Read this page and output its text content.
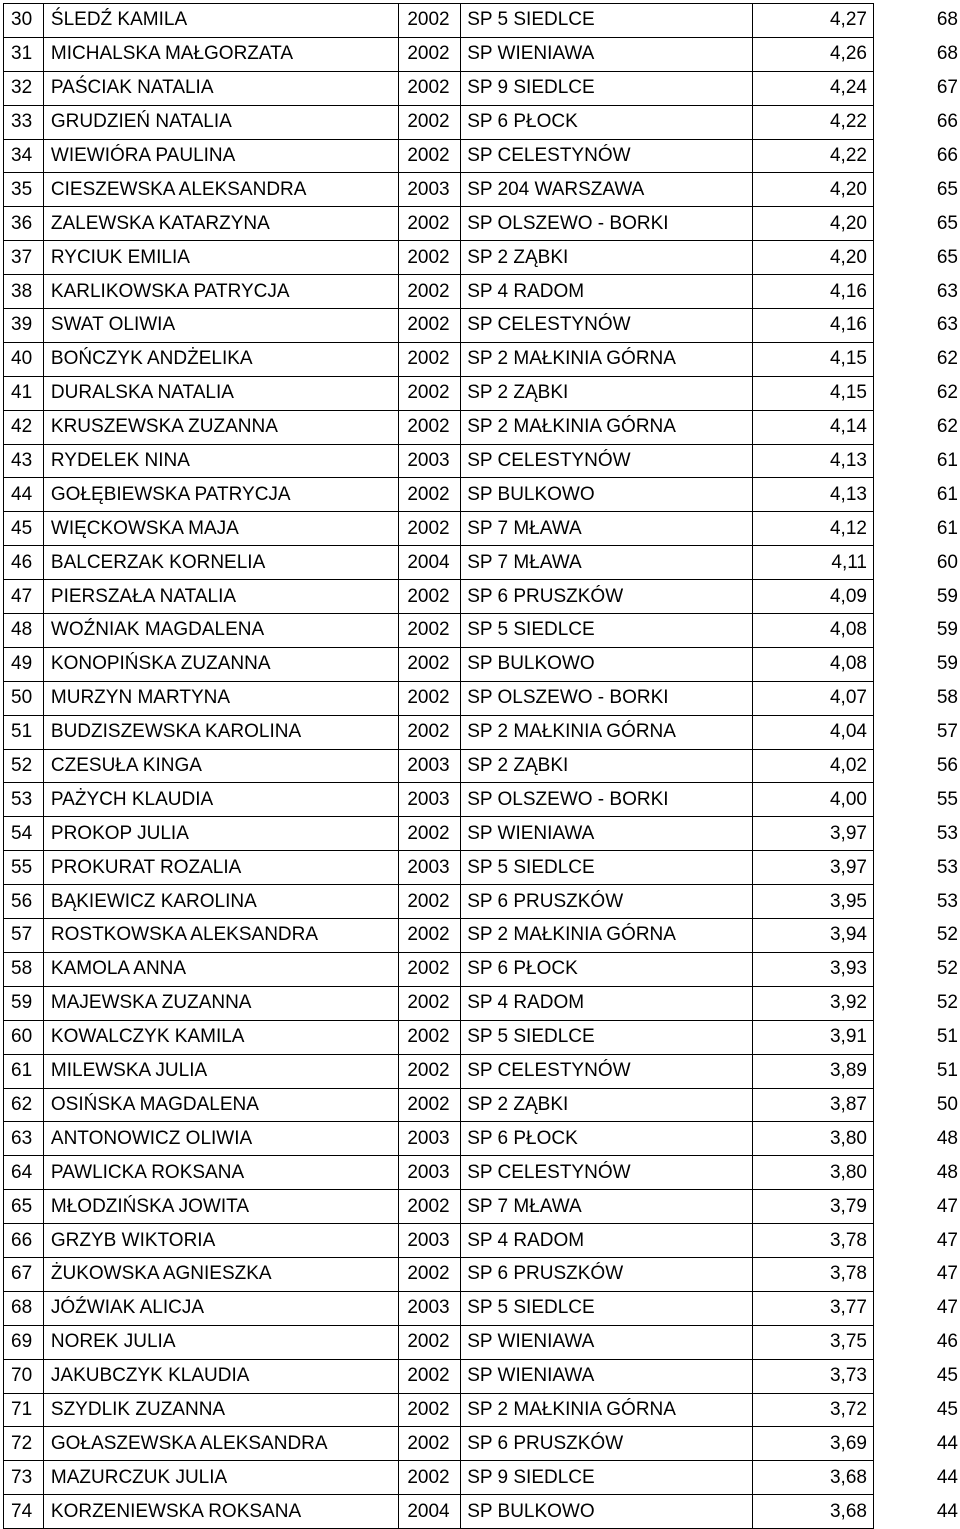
30	ŚLEDŹ KAMILA	2002	SP 5 SIEDLCE	4,27	68
31	MICHALSKA MAŁGORZATA	2002	SP WIENIAWA	4,26	68
32	PAŚCIAK NATALIA	2002	SP 9 SIEDLCE	4,24	67
33	GRUDZIEŃ NATALIA	2002	SP 6 PŁOCK	4,22	66
34	WIEWIÓRA PAULINA	2002	SP CELESTYNÓW	4,22	66
35	CIESZEWSKA ALEKSANDRA	2003	SP 204 WARSZAWA	4,20	65
36	ZALEWSKA KATARZYNA	2002	SP OLSZEWO - BORKI	4,20	65
37	RYCIUK EMILIA	2002	SP 2 ZĄBKI	4,20	65
38	KARLIKOWSKA PATRYCJA	2002	SP 4 RADOM	4,16	63
39	SWAT OLIWIA	2002	SP CELESTYNÓW	4,16	63
40	BOŃCZYK ANDŻELIKA	2002	SP 2 MAŁKINIA GÓRNA	4,15	62
41	DURALSKA NATALIA	2002	SP 2 ZĄBKI	4,15	62
42	KRUSZEWSKA ZUZANNA	2002	SP 2 MAŁKINIA GÓRNA	4,14	62
43	RYDELEK NINA	2003	SP CELESTYNÓW	4,13	61
44	GOŁĘBIEWSKA PATRYCJA	2002	SP BULKOWO	4,13	61
45	WIĘCKOWSKA MAJA	2002	SP 7 MŁAWA	4,12	61
46	BALCERZAK KORNELIA	2004	SP 7 MŁAWA	4,11	60
47	PIERSZAŁA NATALIA	2002	SP 6 PRUSZKÓW	4,09	59
48	WOŹNIAK MAGDALENA	2002	SP 5 SIEDLCE	4,08	59
49	KONOPIŃSKA ZUZANNA	2002	SP BULKOWO	4,08	59
50	MURZYN MARTYNA	2002	SP OLSZEWO - BORKI	4,07	58
51	BUDZISZEWSKA KAROLINA	2002	SP 2 MAŁKINIA GÓRNA	4,04	57
52	CZESUŁA KINGA	2003	SP 2 ZĄBKI	4,02	56
53	PAŻYCH KLAUDIA	2003	SP OLSZEWO - BORKI	4,00	55
54	PROKOP JULIA	2002	SP WIENIAWA	3,97	53
55	PROKURAT ROZALIA	2003	SP 5 SIEDLCE	3,97	53
56	BĄKIEWICZ KAROLINA	2002	SP 6 PRUSZKÓW	3,95	53
57	ROSTKOWSKA ALEKSANDRA	2002	SP 2 MAŁKINIA GÓRNA	3,94	52
58	KAMOLA ANNA	2002	SP 6 PŁOCK	3,93	52
59	MAJEWSKA ZUZANNA	2002	SP 4 RADOM	3,92	52
60	KOWALCZYK KAMILA	2002	SP 5 SIEDLCE	3,91	51
61	MILEWSKA JULIA	2002	SP CELESTYNÓW	3,89	51
62	OSIŃSKA MAGDALENA	2002	SP 2 ZĄBKI	3,87	50
63	ANTONOWICZ OLIWIA	2003	SP 6 PŁOCK	3,80	48
64	PAWLICKA ROKSANA	2003	SP CELESTYNÓW	3,80	48
65	MŁODZIŃSKA JOWITA	2002	SP 7 MŁAWA	3,79	47
66	GRZYB WIKTORIA	2003	SP 4 RADOM	3,78	47
67	ŻUKOWSKA AGNIESZKA	2002	SP 6 PRUSZKÓW	3,78	47
68	JÓŹWIAK ALICJA	2003	SP 5 SIEDLCE	3,77	47
69	NOREK JULIA	2002	SP WIENIAWA	3,75	46
70	JAKUBCZYK KLAUDIA	2002	SP WIENIAWA	3,73	45
71	SZYDLIK ZUZANNA	2002	SP 2 MAŁKINIA GÓRNA	3,72	45
72	GOŁASZEWSKA ALEKSANDRA	2002	SP 6 PRUSZKÓW	3,69	44
73	MAZURCZUK JULIA	2002	SP 9 SIEDLCE	3,68	44
74	KORZENIEWSKA ROKSANA	2004	SP BULKOWO	3,68	44
